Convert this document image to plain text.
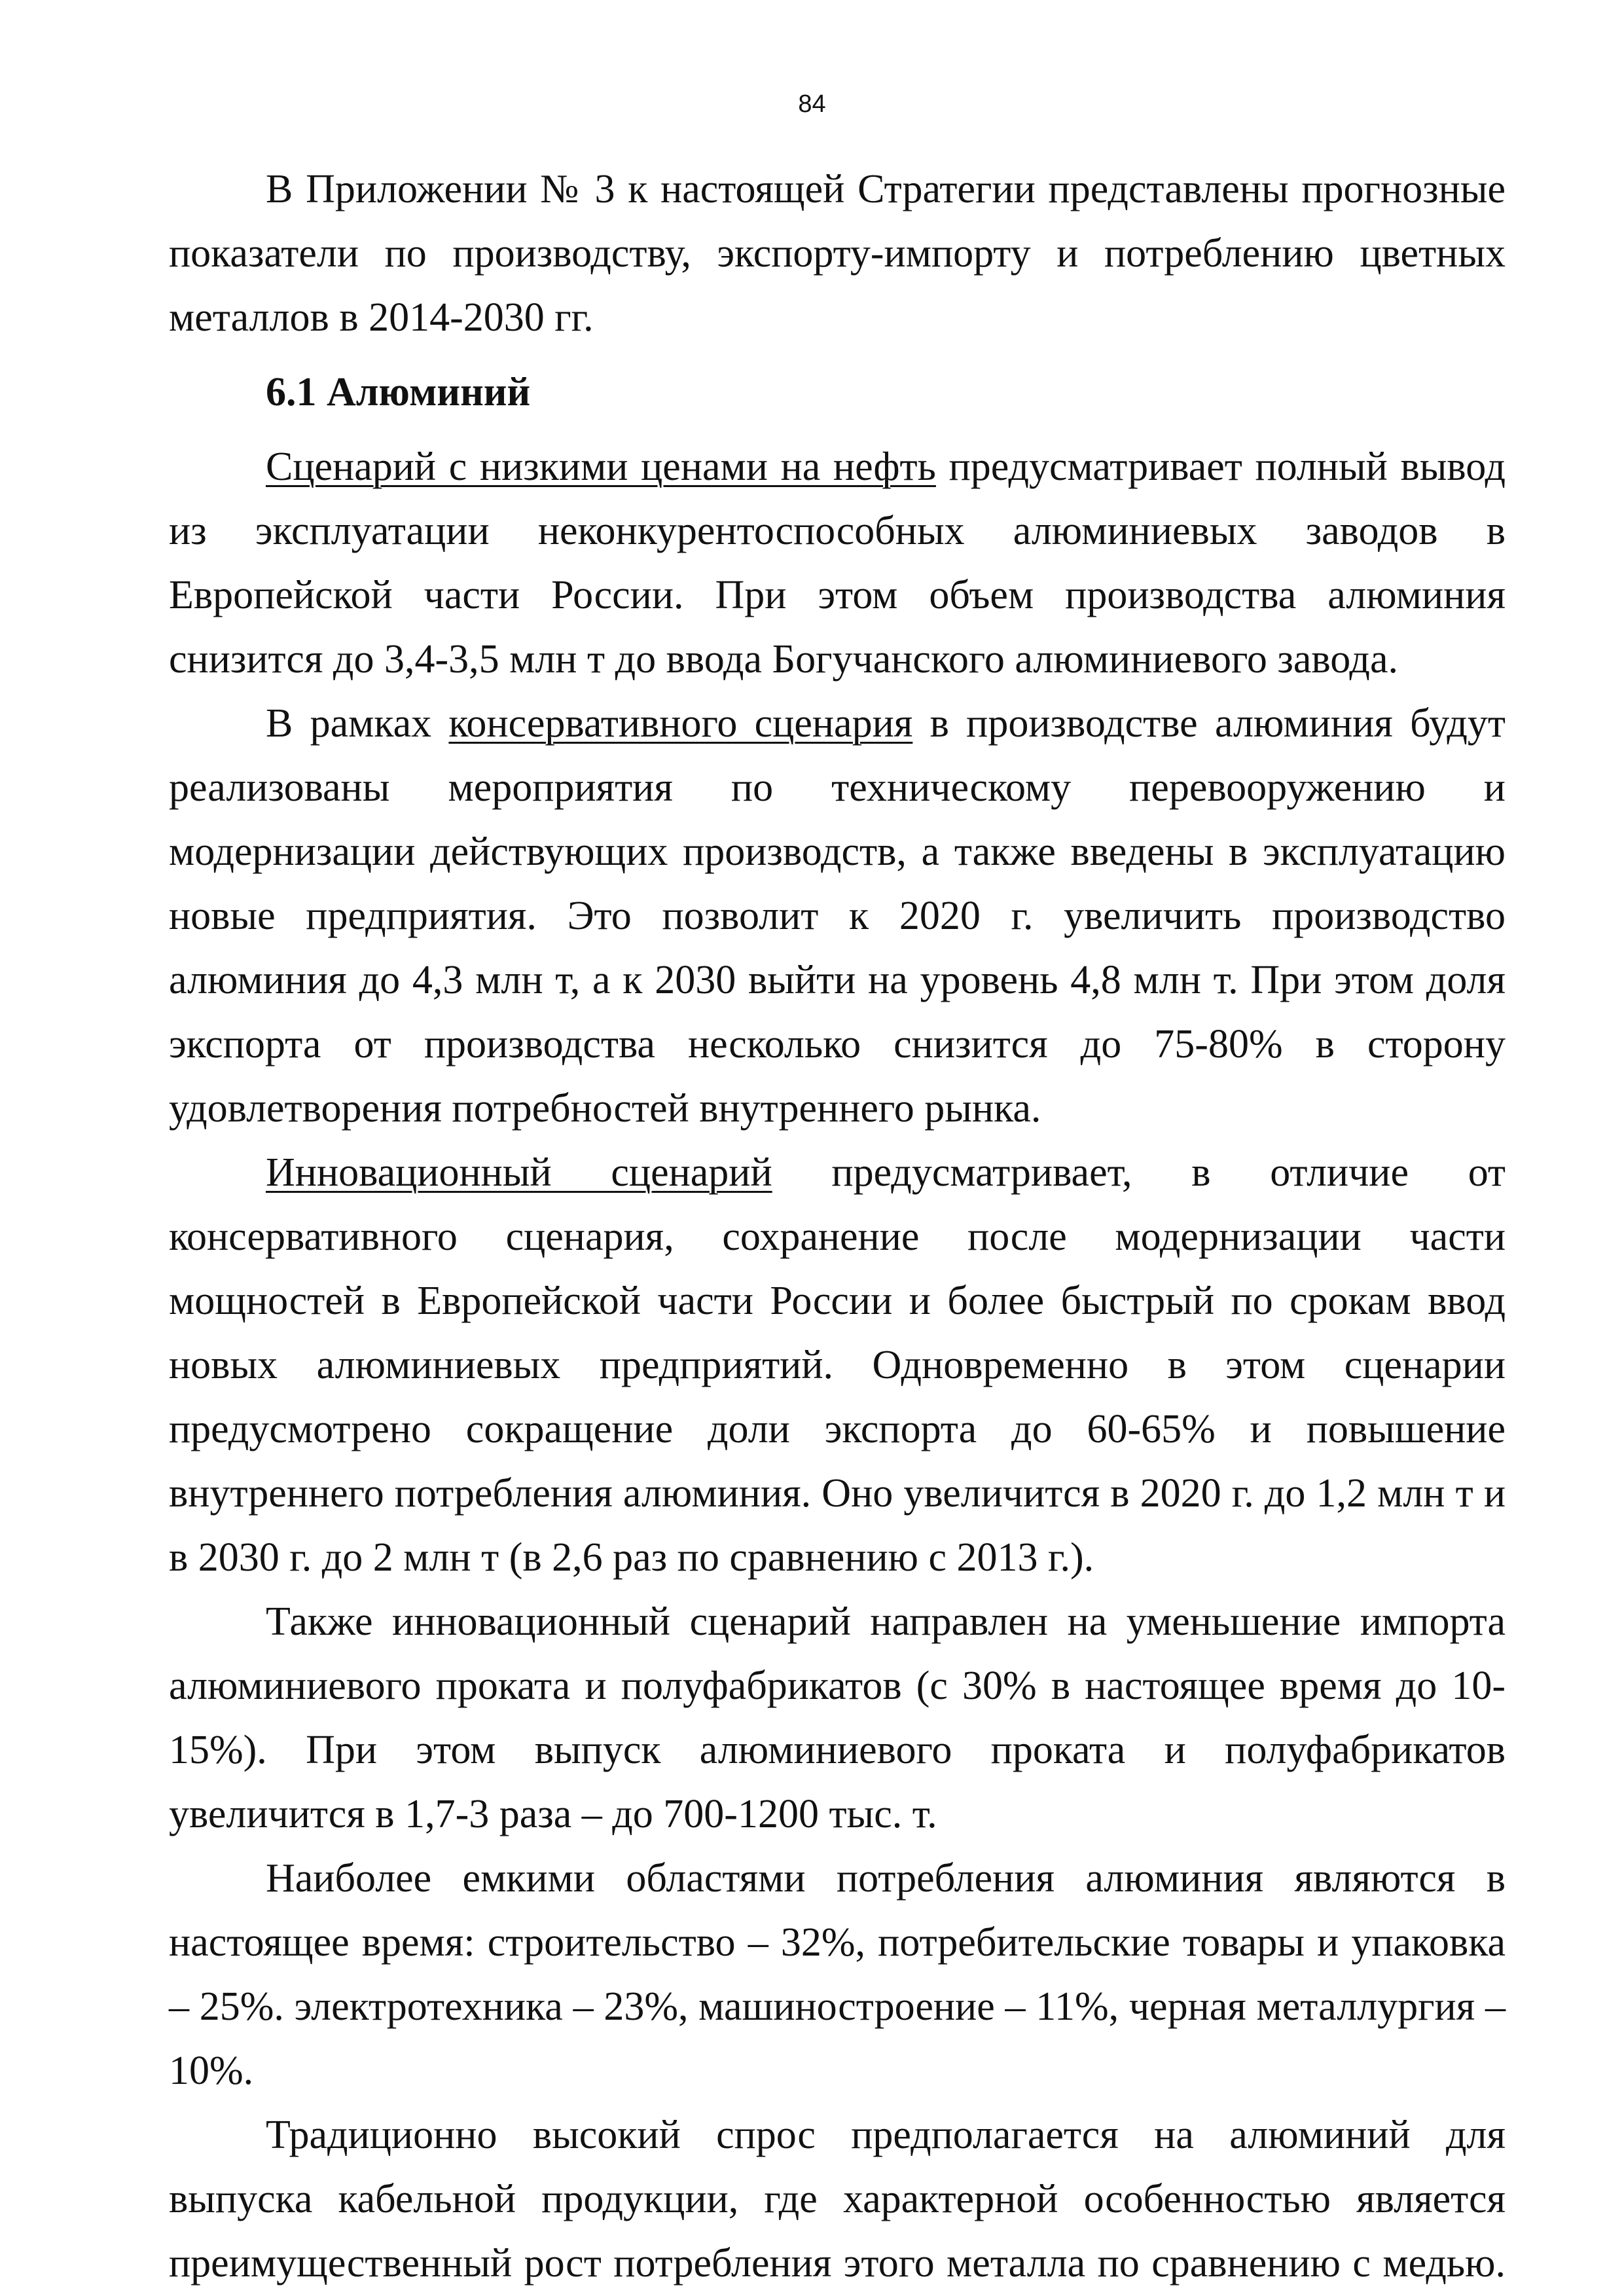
84

В Приложении № 3 к настоящей Стратегии представлены прогнозные показатели по производству, экспорту-импорту и потреблению цветных металлов в 2014-2030 гг.

6.1 Алюминий

Сценарий с низкими ценами на нефть предусматривает полный вывод из эксплуатации неконкурентоспособных алюминиевых заводов в Европейской части России. При этом объем производства алюминия снизится до 3,4-3,5 млн т до ввода Богучанского алюминиевого завода.

В рамках консервативного сценария в производстве алюминия будут реализованы мероприятия по техническому перевооружению и модернизации действующих производств, а также введены в эксплуатацию новые предприятия. Это позволит к 2020 г. увеличить производство алюминия до 4,3 млн т, а к 2030 выйти на уровень 4,8 млн т. При этом доля экспорта от производства несколько снизится до 75-80% в сторону удовлетворения потребностей внутреннего рынка.

Инновационный сценарий предусматривает, в отличие от консервативного сценария, сохранение после модернизации части мощностей в Европейской части России и более быстрый по срокам ввод новых алюминиевых предприятий. Одновременно в этом сценарии предусмотрено сокращение доли экспорта до 60-65% и повышение внутреннего потребления алюминия. Оно увеличится в 2020 г. до 1,2 млн т и в 2030 г. до 2 млн т (в 2,6 раз по сравнению с 2013 г.).

Также инновационный сценарий направлен на уменьшение импорта алюминиевого проката и полуфабрикатов (с 30% в настоящее время до 10-15%). При этом выпуск алюминиевого проката и полуфабрикатов увеличится в 1,7-3 раза – до 700-1200 тыс. т.

Наиболее емкими областями потребления алюминия являются в настоящее время: строительство – 32%, потребительские товары и упаковка – 25%. электротехника – 23%, машиностроение – 11%, черная металлургия – 10%.

Традиционно высокий спрос предполагается на алюминий для выпуска кабельной продукции, где характерной особенностью является преимущественный рост потребления этого металла по сравнению с медью.
